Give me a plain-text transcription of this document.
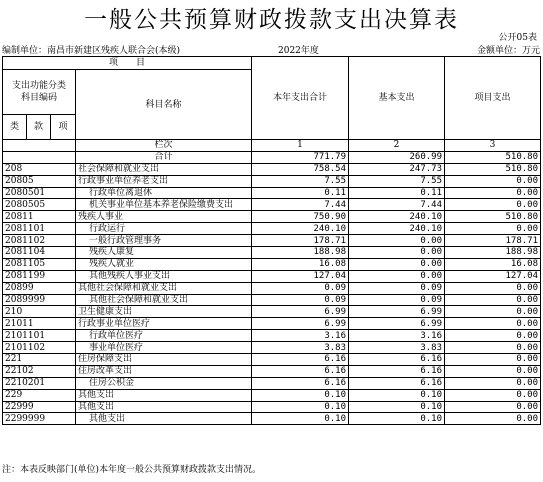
一般公共预算财政拨款支出决算表
公开05表
编制单位：南昌市新建区残疾人联合会(本级)	2022年度	金额单位：万元
项　　目				本年支出合计	基本支出	项目支出
支出功能分类
科目编码			科目名称			
类	款	项				

			栏次	1	2	3
			合计	771.79	260.99	510.80
208			社会保障和就业支出	758.54	247.73	510.80
20805			行政事业单位养老支出	7.55	7.55	0.00
2080501			行政单位离退休	0.11	0.11	0.00
2080505			机关事业单位基本养老保险缴费支出	7.44	7.44	0.00
20811			残疾人事业	750.90	240.10	510.80
2081101			行政运行	240.10	240.10	0.00
2081102			一般行政管理事务	178.71	0.00	178.71
2081104			残疾人康复	188.98	0.00	188.98
2081105			残疾人就业	16.08	0.00	16.08
2081199			其他残疾人事业支出	127.04	0.00	127.04
20899			其他社会保障和就业支出	0.09	0.09	0.00
2089999			其他社会保障和就业支出	0.09	0.09	0.00
210			卫生健康支出	6.99	6.99	0.00
21011			行政事业单位医疗	6.99	6.99	0.00
2101101			行政单位医疗	3.16	3.16	0.00
2101102			事业单位医疗	3.83	3.83	0.00
221			住房保障支出	6.16	6.16	0.00
22102			住房改革支出	6.16	6.16	0.00
2210201			住房公积金	6.16	6.16	0.00
229			其他支出	0.10	0.10	0.00
22999			其他支出	0.10	0.10	0.00
2299999			其他支出	0.10	0.10	0.00
注：本表反映部门(单位)本年度一般公共预算财政拨款支出情况。
